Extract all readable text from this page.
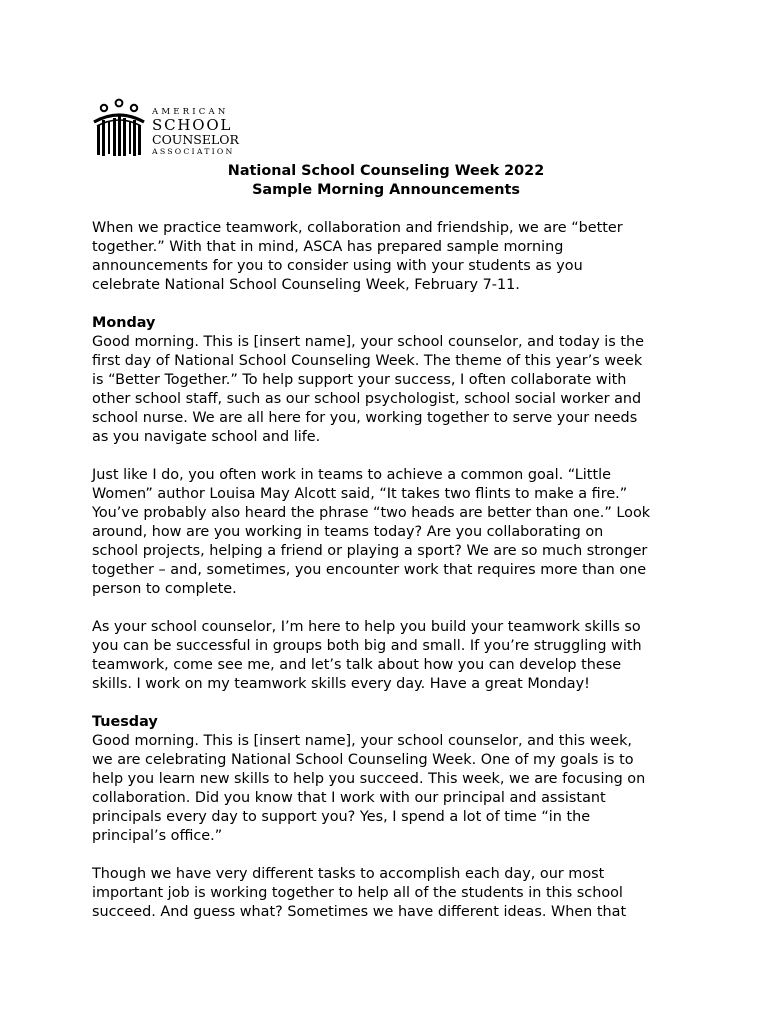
AMERICAN
SCHOOL
COUNSELOR
ASSOCIATION
National School Counseling Week 2022
Sample Morning Announcements

When we practice teamwork, collaboration and friendship, we are “better
together.” With that in mind, ASCA has prepared sample morning
announcements for you to consider using with your students as you
celebrate National School Counseling Week, February 7-11.

Monday

Good morning. This is [insert name], your school counselor, and today is the
first day of National School Counseling Week. The theme of this year’s week
is “Better Together.” To help support your success, I often collaborate with
other school staff, such as our school psychologist, school social worker and
school nurse. We are all here for you, working together to serve your needs
as you navigate school and life.

Just like I do, you often work in teams to achieve a common goal. “Little
Women” author Louisa May Alcott said, “It takes two flints to make a fire.”
You’ve probably also heard the phrase “two heads are better than one.” Look
around, how are you working in teams today? Are you collaborating on
school projects, helping a friend or playing a sport? We are so much stronger
together – and, sometimes, you encounter work that requires more than one
person to complete.

As your school counselor, I’m here to help you build your teamwork skills so
you can be successful in groups both big and small. If you’re struggling with
teamwork, come see me, and let’s talk about how you can develop these
skills. I work on my teamwork skills every day. Have a great Monday!

Tuesday

Good morning. This is [insert name], your school counselor, and this week,
we are celebrating National School Counseling Week. One of my goals is to
help you learn new skills to help you succeed. This week, we are focusing on
collaboration. Did you know that I work with our principal and assistant
principals every day to support you? Yes, I spend a lot of time “in the
principal’s office.”

Though we have very different tasks to accomplish each day, our most
important job is working together to help all of the students in this school
succeed. And guess what? Sometimes we have different ideas. When that
